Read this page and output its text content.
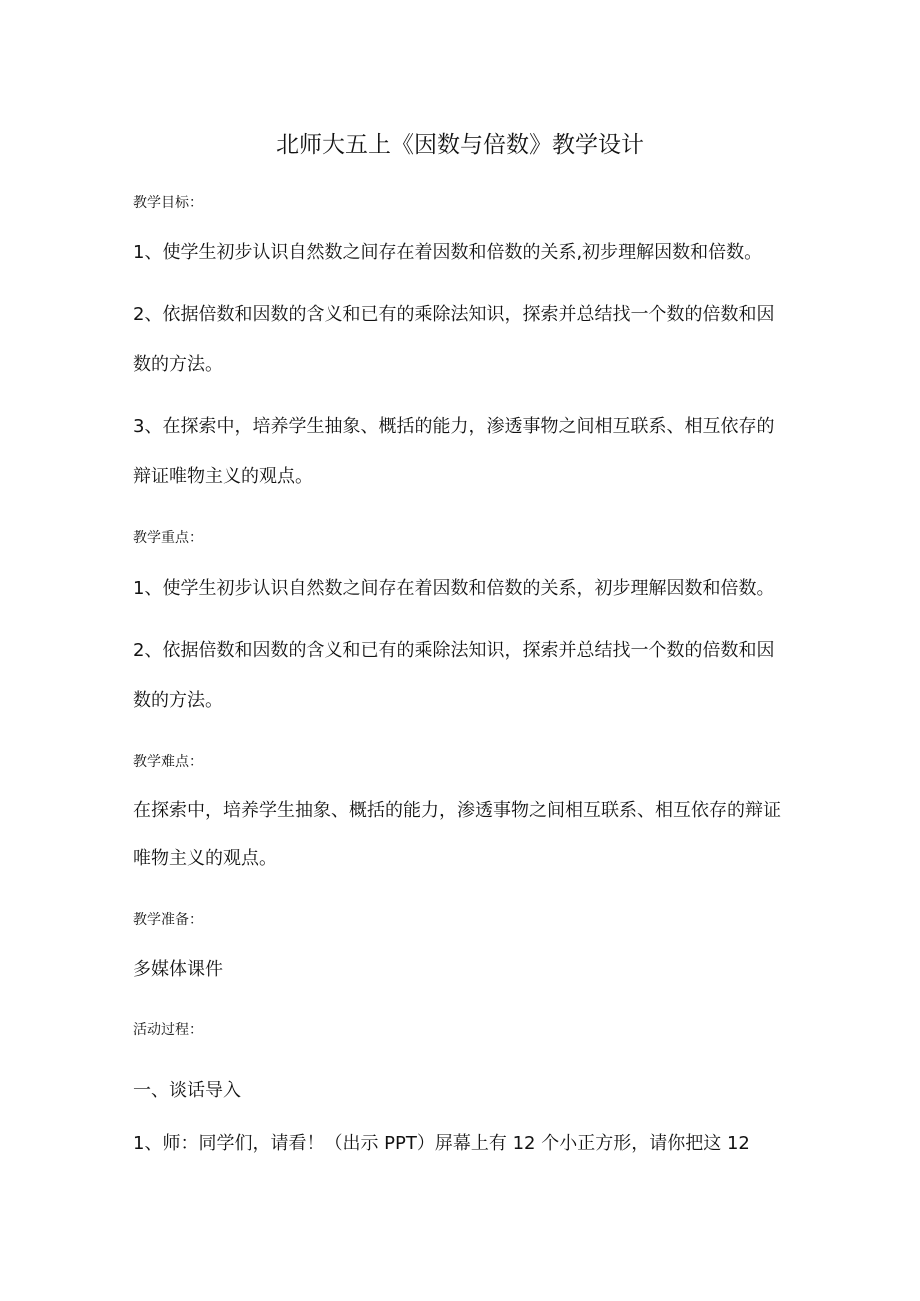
北师大五上《因数与倍数》教学设计
教学目标：
1、使学生初步认识自然数之间存在着因数和倍数的关系,初步理解因数和倍数。
2、依据倍数和因数的含义和已有的乘除法知识，探索并总结找一个数的倍数和因
数的方法。
3、在探索中，培养学生抽象、概括的能力，渗透事物之间相互联系、相互依存的
辩证唯物主义的观点。
教学重点：
1、使学生初步认识自然数之间存在着因数和倍数的关系，初步理解因数和倍数。
2、依据倍数和因数的含义和已有的乘除法知识，探索并总结找一个数的倍数和因
数的方法。
教学难点：
在探索中，培养学生抽象、概括的能力，渗透事物之间相互联系、相互依存的辩证
唯物主义的观点。
教学准备：
多媒体课件
活动过程：
一、谈话导入
1、师：同学们，请看！（出示 PPT）屏幕上有 12 个小正方形，请你把这 12
